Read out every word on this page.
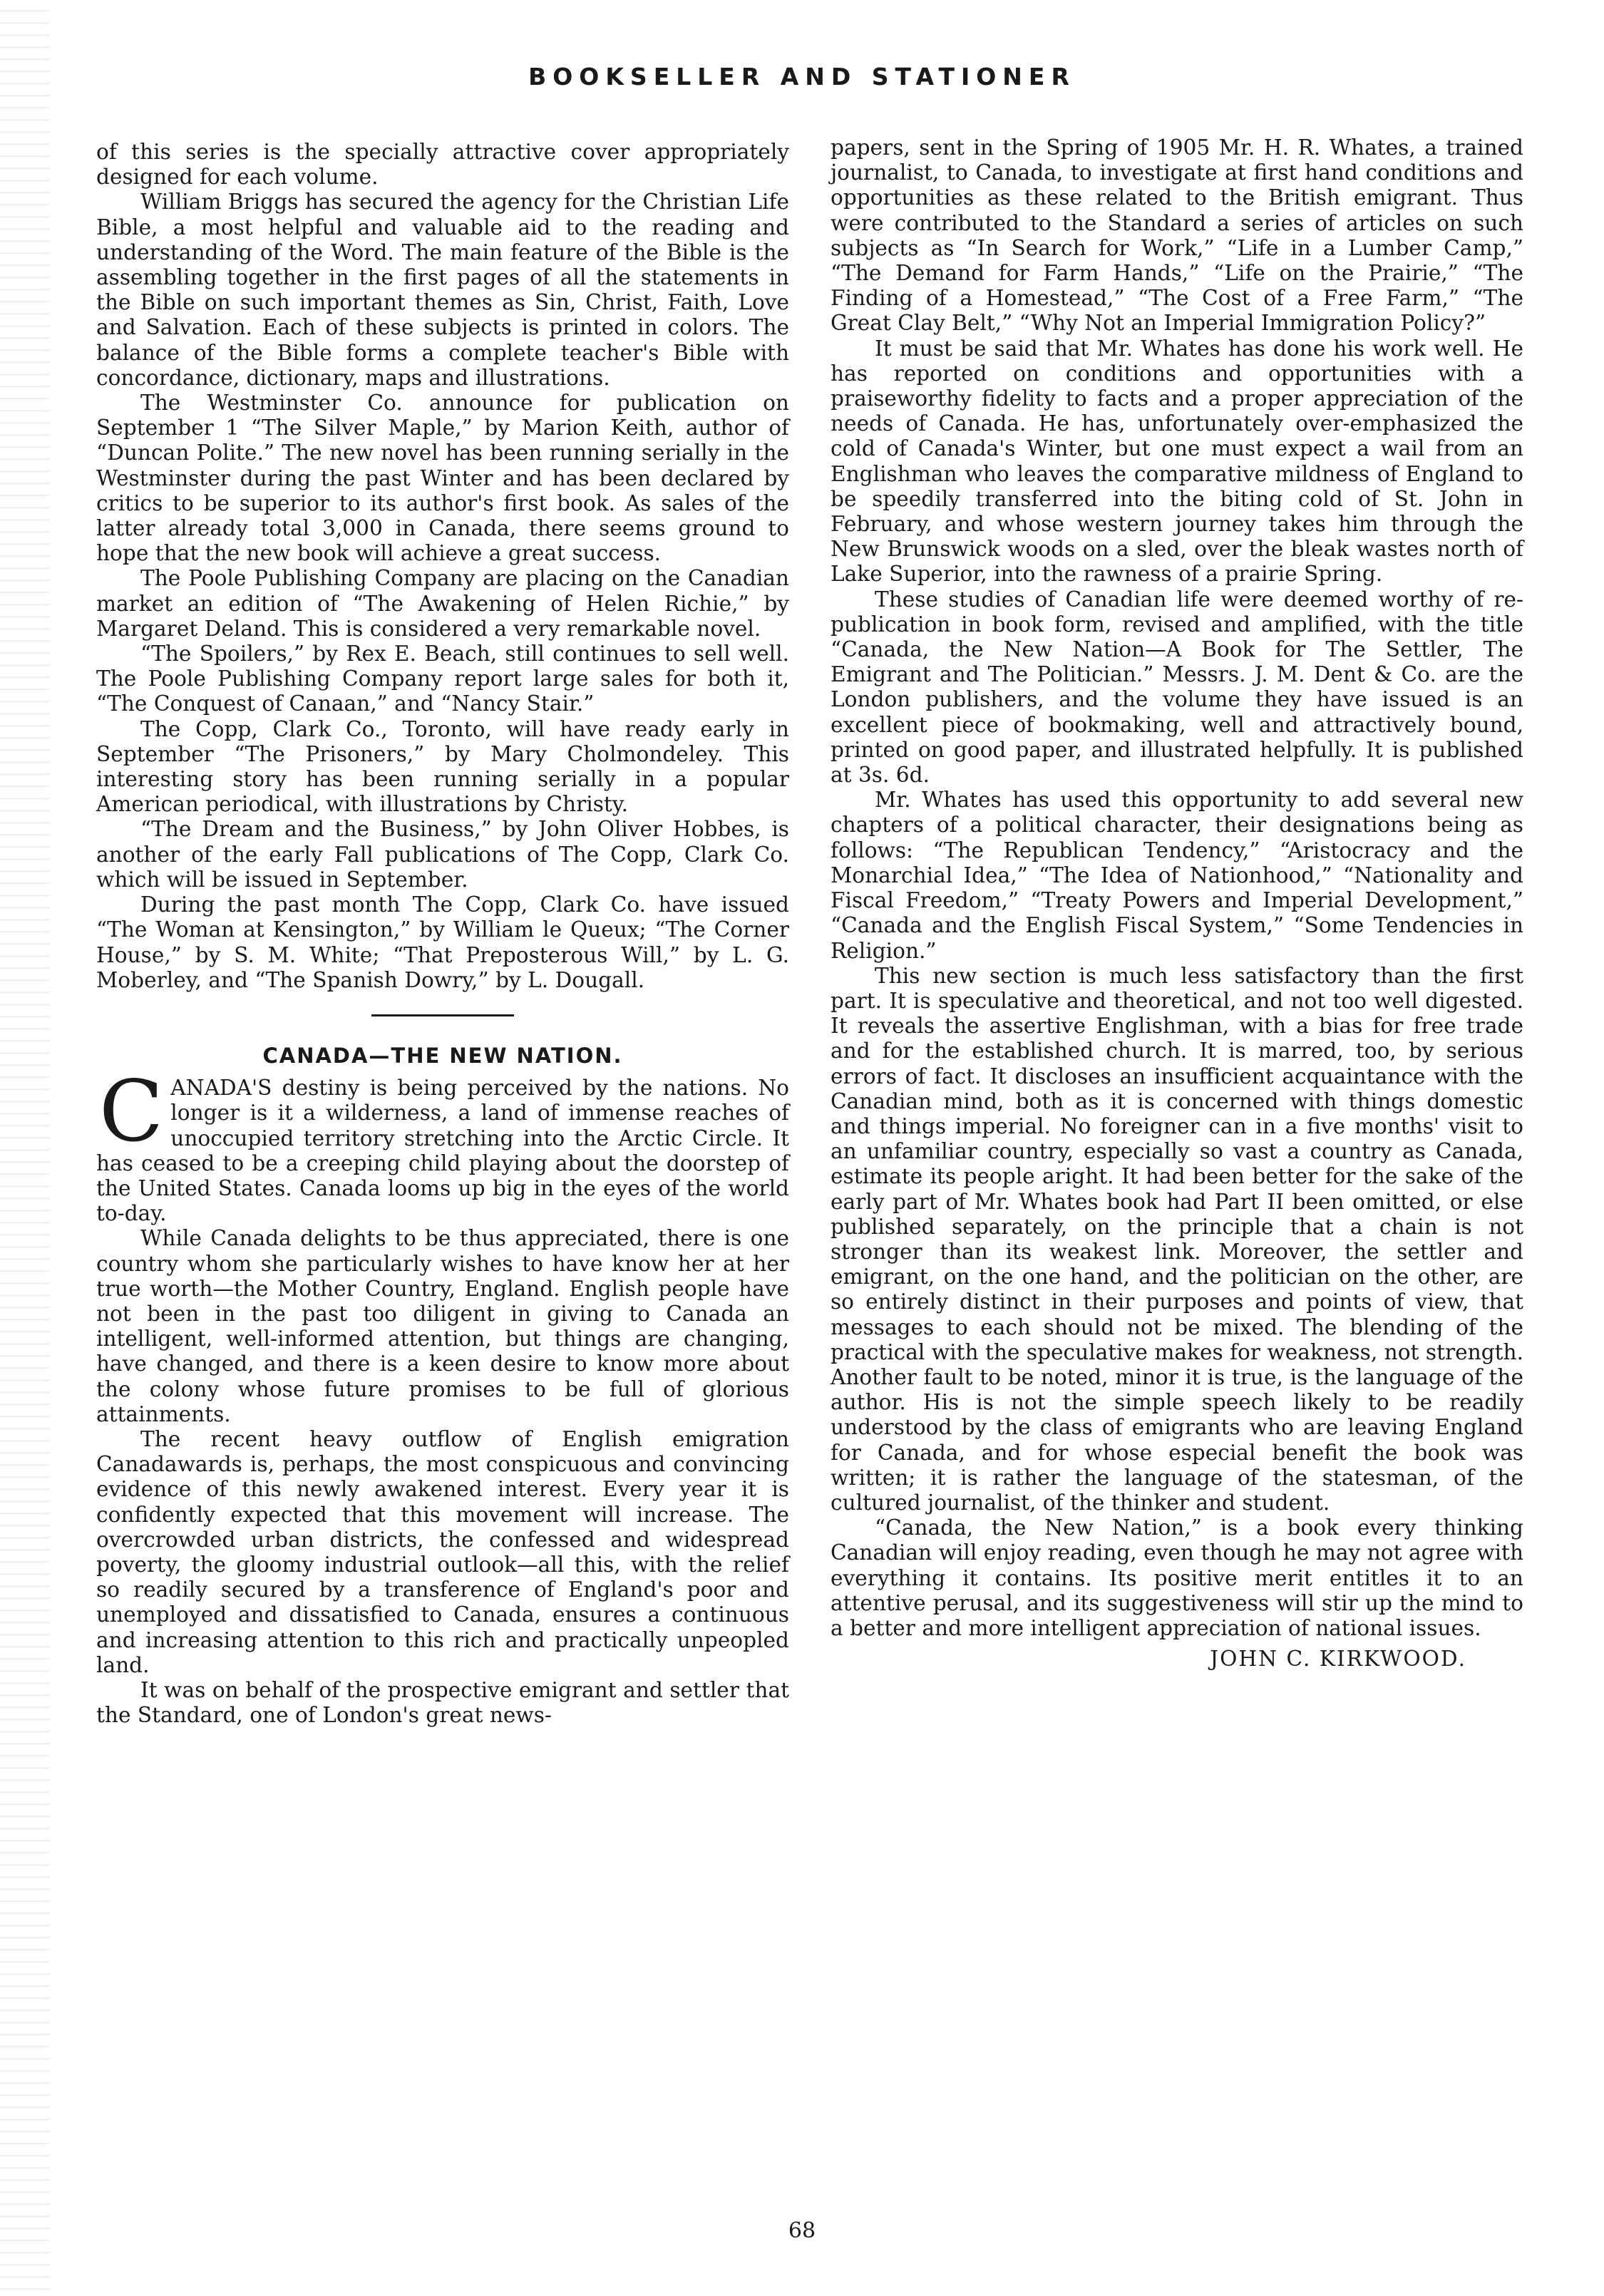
BOOKSELLER AND STATIONER

of this series is the specially attractive cover appropriately designed for each volume.

William Briggs has secured the agency for the Christian Life Bible, a most helpful and valuable aid to the reading and understanding of the Word. The main feature of the Bible is the assembling together in the first pages of all the statements in the Bible on such important themes as Sin, Christ, Faith, Love and Salvation. Each of these subjects is printed in colors. The balance of the Bible forms a complete teacher's Bible with concordance, dictionary, maps and illustrations.

The Westminster Co. announce for publication on September 1 “The Silver Maple,” by Marion Keith, author of “Duncan Polite.” The new novel has been running serially in the Westminster during the past Winter and has been declared by critics to be superior to its author's first book. As sales of the latter already total 3,000 in Canada, there seems ground to hope that the new book will achieve a great success.

The Poole Publishing Company are placing on the Canadian market an edition of “The Awakening of Helen Richie,” by Margaret Deland. This is considered a very remarkable novel.

“The Spoilers,” by Rex E. Beach, still continues to sell well. The Poole Publishing Company report large sales for both it, “The Conquest of Canaan,” and “Nancy Stair.”

The Copp, Clark Co., Toronto, will have ready early in September “The Prisoners,” by Mary Cholmondeley. This interesting story has been running serially in a popular American periodical, with illustrations by Christy.

“The Dream and the Business,” by John Oliver Hobbes, is another of the early Fall publications of The Copp, Clark Co. which will be issued in September.

During the past month The Copp, Clark Co. have issued “The Woman at Kensington,” by William le Queux; “The Corner House,” by S. M. White; “That Preposterous Will,” by L. G. Moberley, and “The Spanish Dowry,” by L. Dougall.

CANADA—THE NEW NATION.

CANADA'S destiny is being perceived by the nations. No longer is it a wilderness, a land of immense reaches of unoccupied territory stretching into the Arctic Circle. It has ceased to be a creeping child playing about the doorstep of the United States. Canada looms up big in the eyes of the world to-day.

While Canada delights to be thus appreciated, there is one country whom she particularly wishes to have know her at her true worth—the Mother Country, England. English people have not been in the past too diligent in giving to Canada an intelligent, well-informed attention, but things are changing, have changed, and there is a keen desire to know more about the colony whose future promises to be full of glorious attainments.

The recent heavy outflow of English emigration Canadawards is, perhaps, the most conspicuous and convincing evidence of this newly awakened interest. Every year it is confidently expected that this movement will increase. The overcrowded urban districts, the confessed and widespread poverty, the gloomy industrial outlook—all this, with the relief so readily secured by a transference of England's poor and unemployed and dissatisfied to Canada, ensures a continuous and increasing attention to this rich and practically unpeopled land.

It was on behalf of the prospective emigrant and settler that the Standard, one of London's great news-

papers, sent in the Spring of 1905 Mr. H. R. Whates, a trained journalist, to Canada, to investigate at first hand conditions and opportunities as these related to the British emigrant. Thus were contributed to the Standard a series of articles on such subjects as “In Search for Work,” “Life in a Lumber Camp,” “The Demand for Farm Hands,” “Life on the Prairie,” “The Finding of a Homestead,” “The Cost of a Free Farm,” “The Great Clay Belt,” “Why Not an Imperial Immigration Policy?”

It must be said that Mr. Whates has done his work well. He has reported on conditions and opportunities with a praiseworthy fidelity to facts and a proper appreciation of the needs of Canada. He has, unfortunately over-emphasized the cold of Canada's Winter, but one must expect a wail from an Englishman who leaves the comparative mildness of England to be speedily transferred into the biting cold of St. John in February, and whose western journey takes him through the New Brunswick woods on a sled, over the bleak wastes north of Lake Superior, into the rawness of a prairie Spring.

These studies of Canadian life were deemed worthy of re-publication in book form, revised and amplified, with the title “Canada, the New Nation—A Book for The Settler, The Emigrant and The Politician.” Messrs. J. M. Dent & Co. are the London publishers, and the volume they have issued is an excellent piece of bookmaking, well and attractively bound, printed on good paper, and illustrated helpfully. It is published at 3s. 6d.

Mr. Whates has used this opportunity to add several new chapters of a political character, their designations being as follows: “The Republican Tendency,” “Aristocracy and the Monarchial Idea,” “The Idea of Nationhood,” “Nationality and Fiscal Freedom,” “Treaty Powers and Imperial Development,” “Canada and the English Fiscal System,” “Some Tendencies in Religion.”

This new section is much less satisfactory than the first part. It is speculative and theoretical, and not too well digested. It reveals the assertive Englishman, with a bias for free trade and for the established church. It is marred, too, by serious errors of fact. It discloses an insufficient acquaintance with the Canadian mind, both as it is concerned with things domestic and things imperial. No foreigner can in a five months' visit to an unfamiliar country, especially so vast a country as Canada, estimate its people aright. It had been better for the sake of the early part of Mr. Whates book had Part II been omitted, or else published separately, on the principle that a chain is not stronger than its weakest link. Moreover, the settler and emigrant, on the one hand, and the politician on the other, are so entirely distinct in their purposes and points of view, that messages to each should not be mixed. The blending of the practical with the speculative makes for weakness, not strength. Another fault to be noted, minor it is true, is the language of the author. His is not the simple speech likely to be readily understood by the class of emigrants who are leaving England for Canada, and for whose especial benefit the book was written; it is rather the language of the statesman, of the cultured journalist, of the thinker and student.

“Canada, the New Nation,” is a book every thinking Canadian will enjoy reading, even though he may not agree with everything it contains. Its positive merit entitles it to an attentive perusal, and its suggestiveness will stir up the mind to a better and more intelligent appreciation of national issues.

JOHN C. KIRKWOOD.
68
